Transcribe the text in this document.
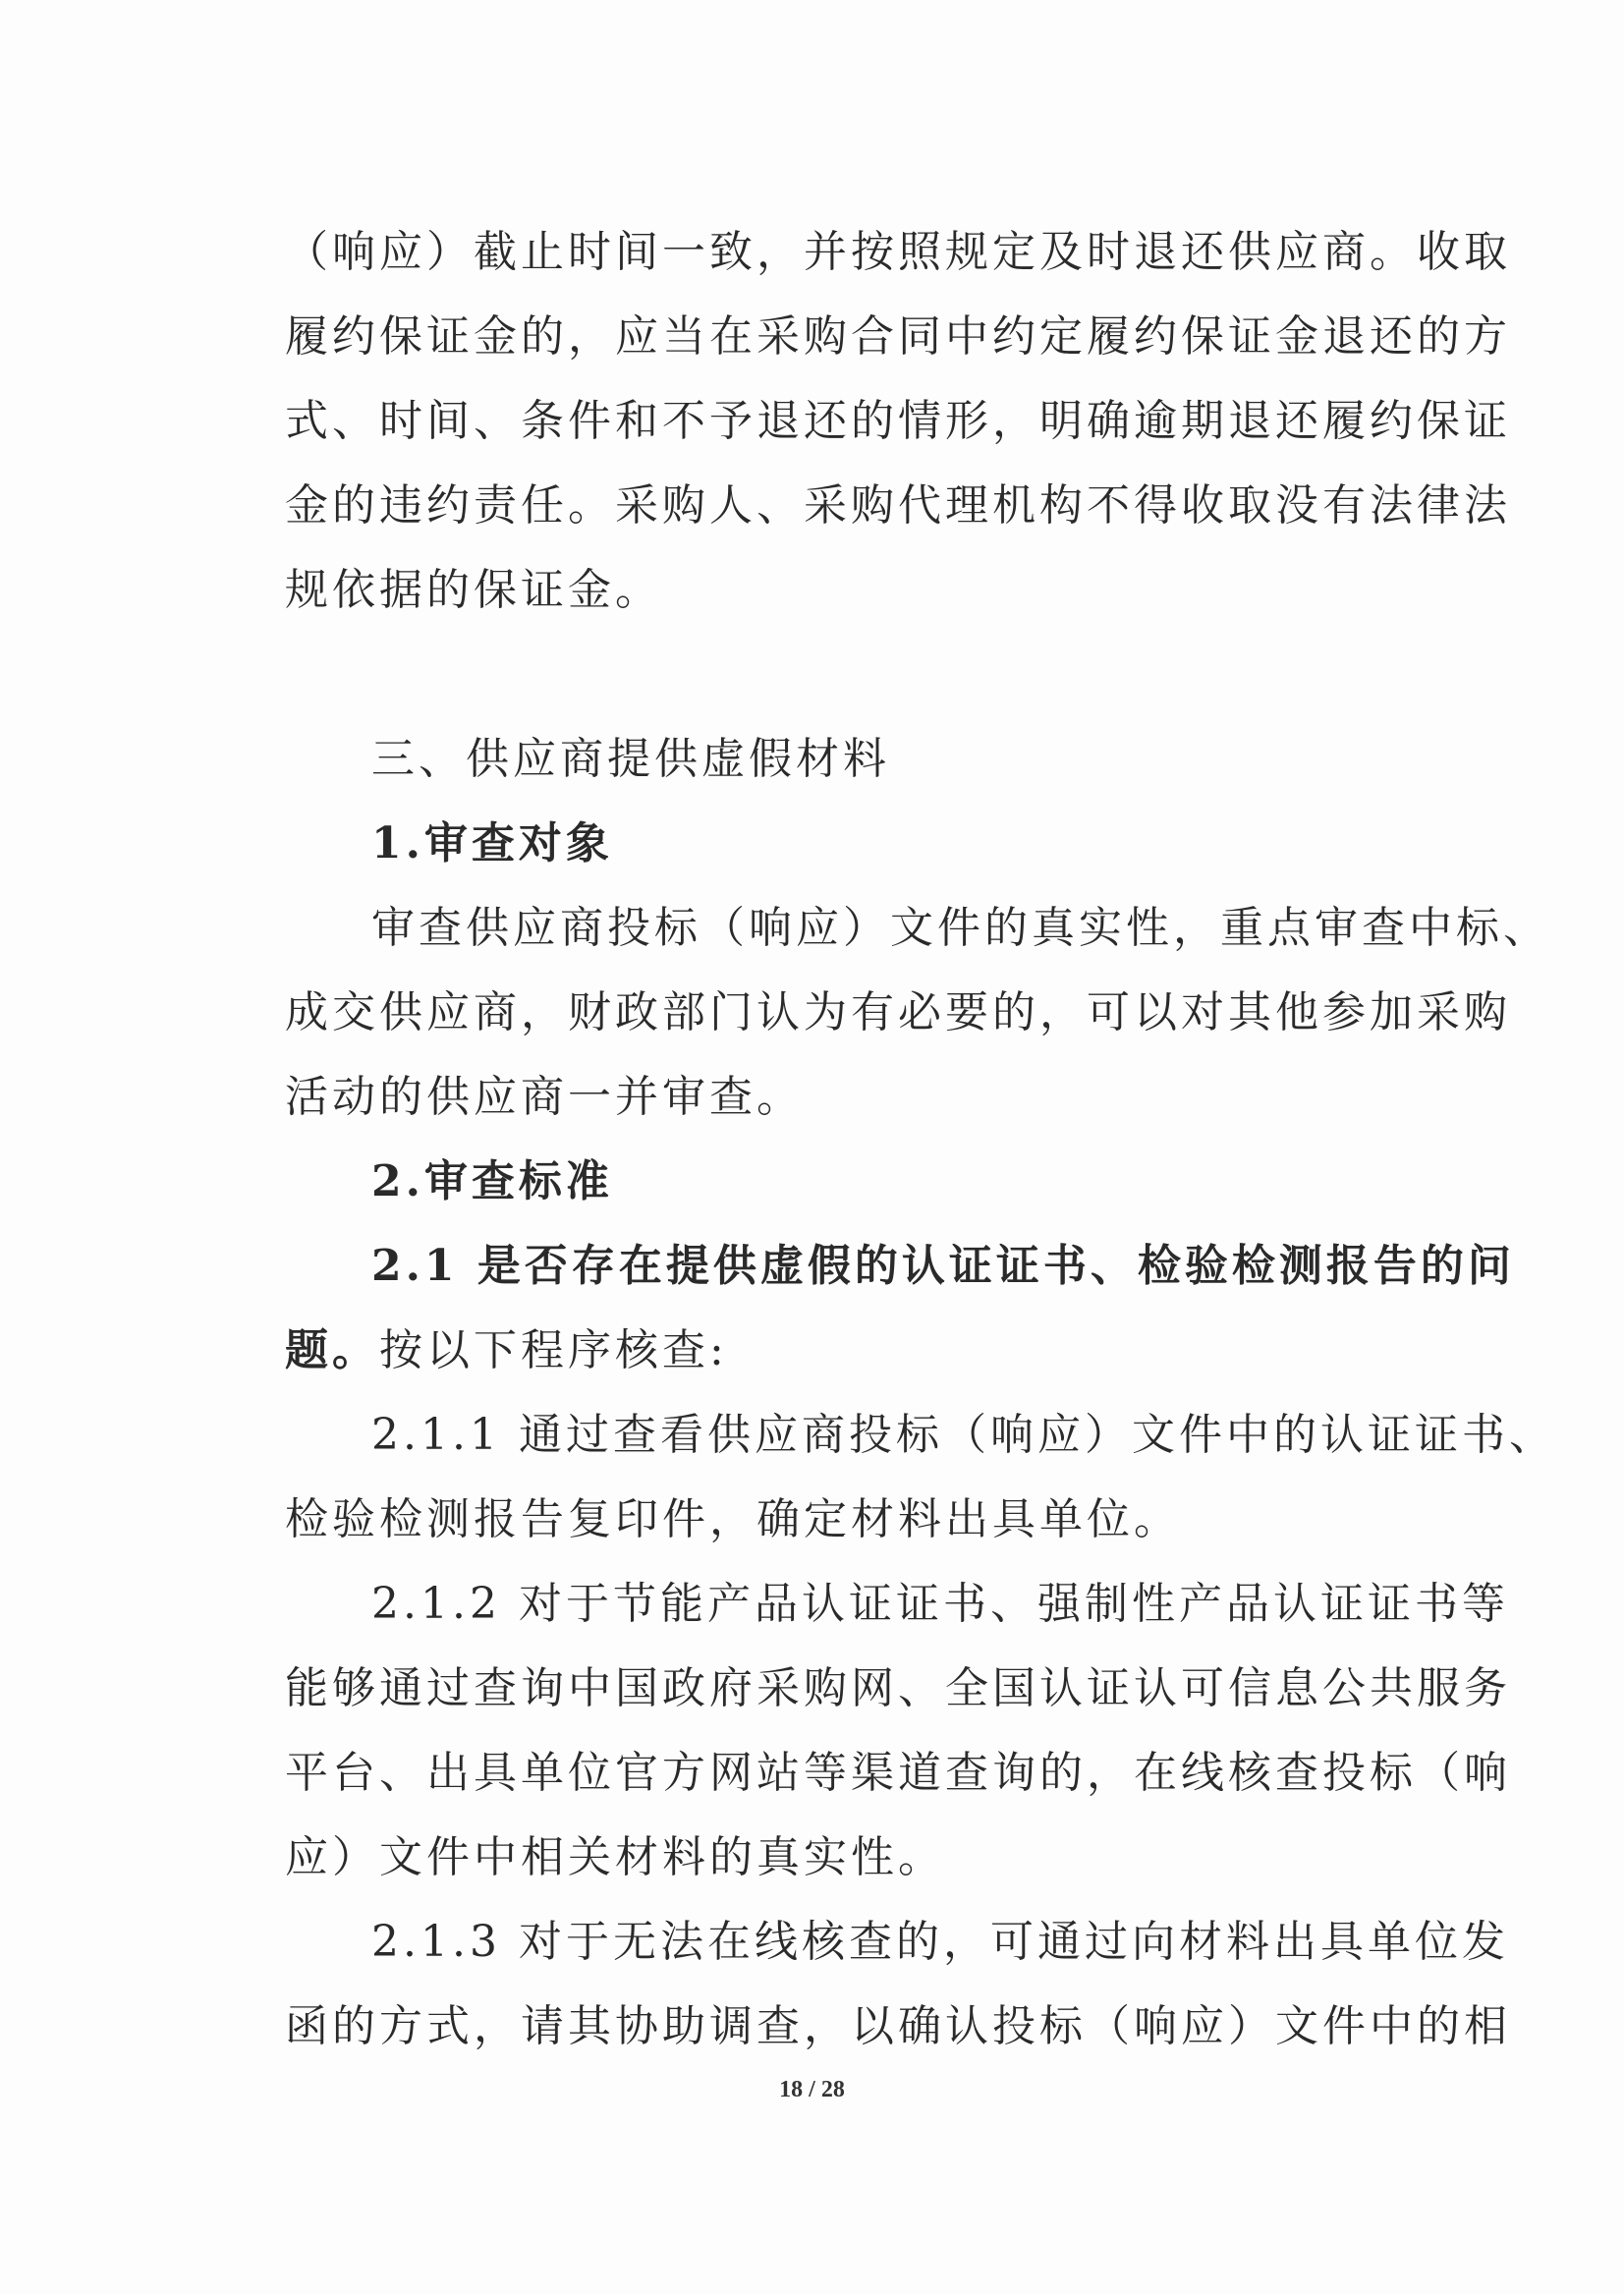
（响应）截止时间一致，并按照规定及时退还供应商。收取
履约保证金的，应当在采购合同中约定履约保证金退还的方
式、时间、条件和不予退还的情形，明确逾期退还履约保证
金的违约责任。采购人、采购代理机构不得收取没有法律法
规依据的保证金。
三、供应商提供虚假材料
1.审查对象
审查供应商投标（响应）文件的真实性，重点审查中标、
成交供应商，财政部门认为有必要的，可以对其他参加采购
活动的供应商一并审查。
2.审查标准
2.1 是否存在提供虚假的认证证书、检验检测报告的问
题。按以下程序核查:
2.1.1 通过查看供应商投标（响应）文件中的认证证书、
检验检测报告复印件，确定材料出具单位。
2.1.2 对于节能产品认证证书、强制性产品认证证书等
能够通过查询中国政府采购网、全国认证认可信息公共服务
平台、出具单位官方网站等渠道查询的，在线核查投标（响
应）文件中相关材料的真实性。
2.1.3 对于无法在线核查的，可通过向材料出具单位发
函的方式，请其协助调查，以确认投标（响应）文件中的相
18 / 28
